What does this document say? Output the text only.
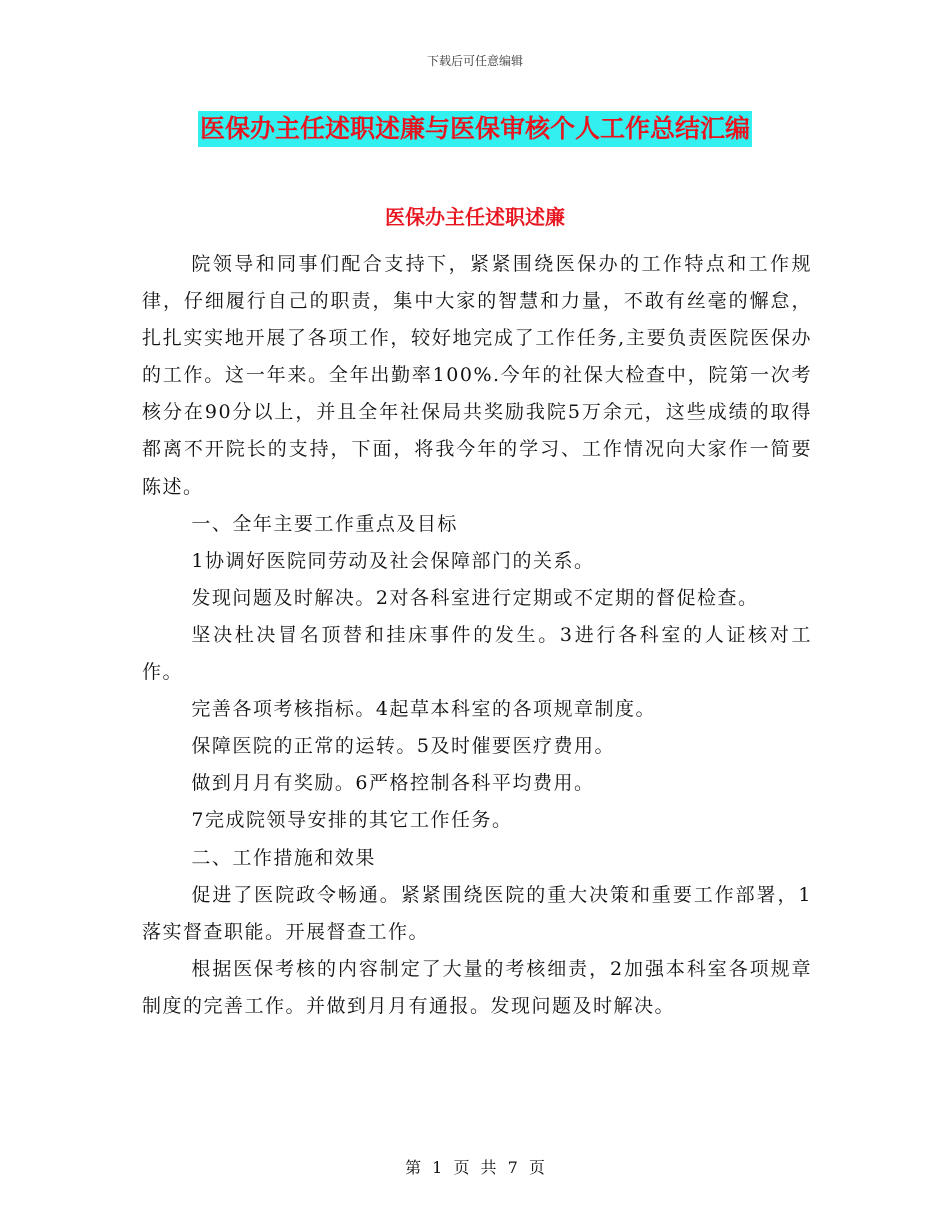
下载后可任意编辑
医保办主任述职述廉与医保审核个人工作总结汇编
医保办主任述职述廉

院领导和同事们配合支持下，紧紧围绕医保办的工作特点和工作规律，仔细履行自己的职责，集中大家的智慧和力量，不敢有丝毫的懈怠，扎扎实实地开展了各项工作，较好地完成了工作任务,主要负责医院医保办的工作。这一年来。全年出勤率100%.今年的社保大检查中，院第一次考核分在90分以上，并且全年社保局共奖励我院5万余元，这些成绩的取得都离不开院长的支持，下面，将我今年的学习、工作情况向大家作一简要陈述。

一、全年主要工作重点及目标

1协调好医院同劳动及社会保障部门的关系。

发现问题及时解决。2对各科室进行定期或不定期的督促检查。

坚决杜决冒名顶替和挂床事件的发生。3进行各科室的人证核对工作。

完善各项考核指标。4起草本科室的各项规章制度。

保障医院的正常的运转。5及时催要医疗费用。

做到月月有奖励。6严格控制各科平均费用。

7完成院领导安排的其它工作任务。

二、工作措施和效果

促进了医院政令畅通。紧紧围绕医院的重大决策和重要工作部署，1落实督查职能。开展督查工作。

根据医保考核的内容制定了大量的考核细责，2加强本科室各项规章制度的完善工作。并做到月月有通报。发现问题及时解决。

第 1 页 共 7 页
